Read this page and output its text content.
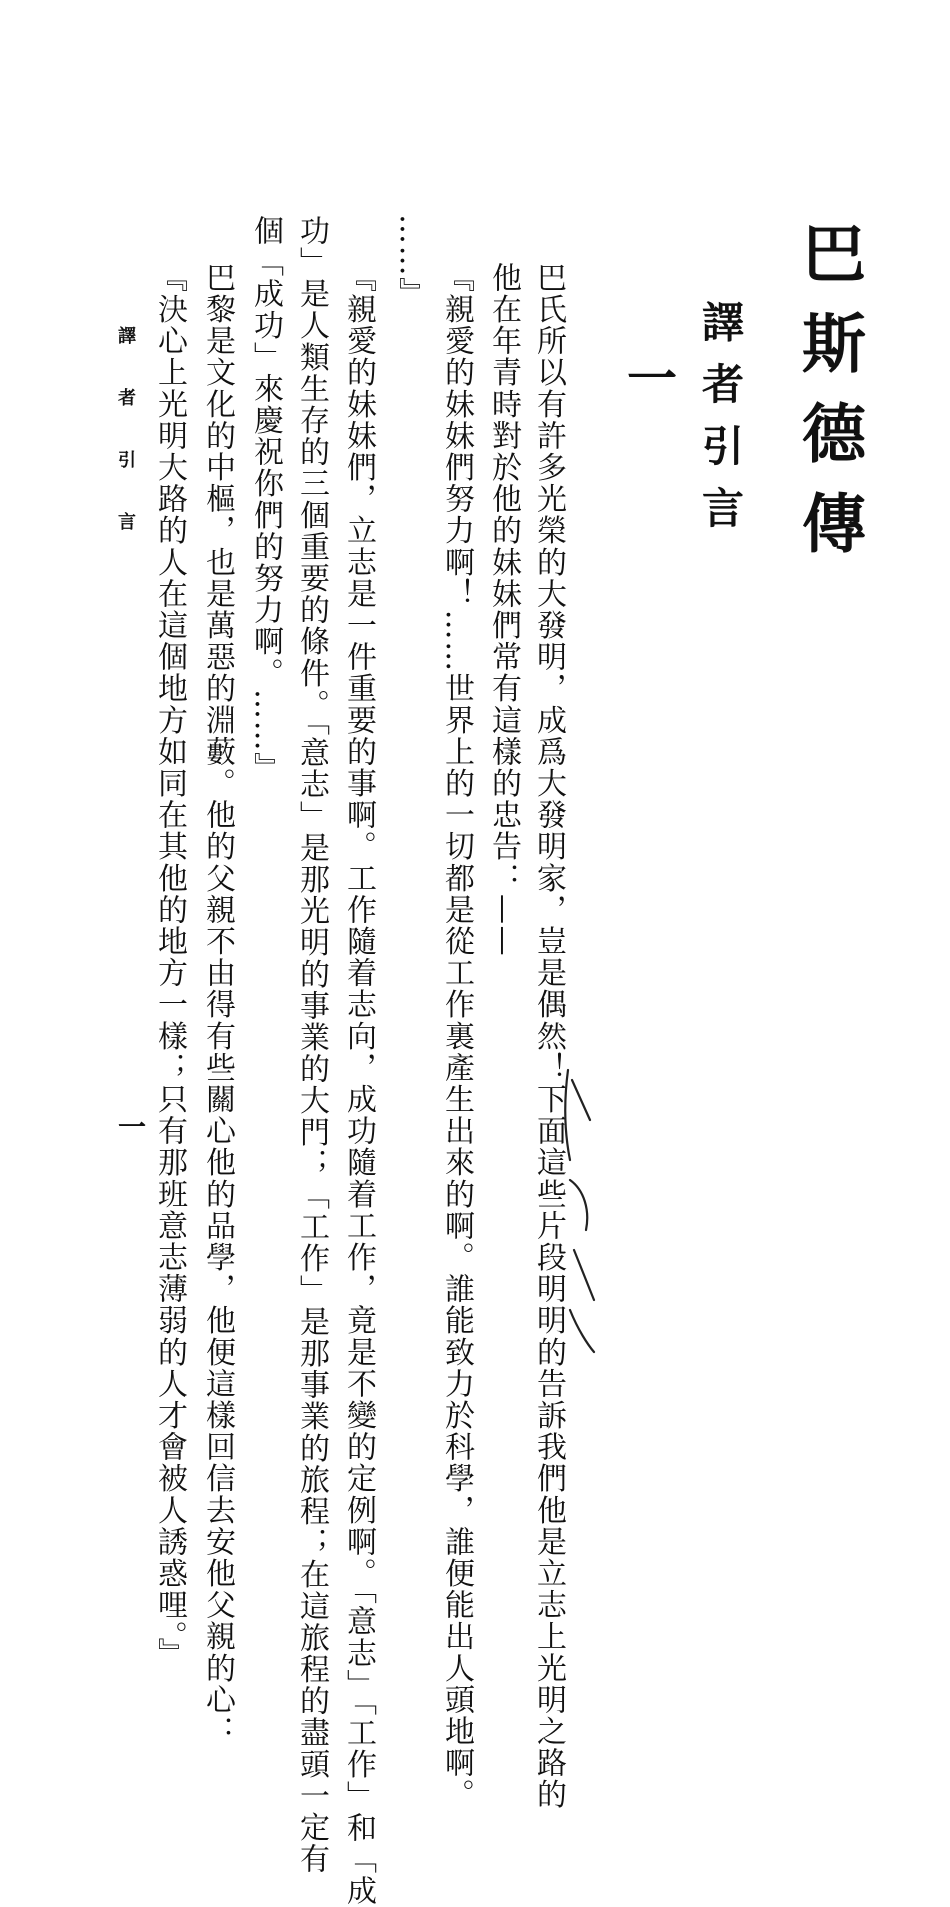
巴斯德傳
譯者引言
一
巴氏所以有許多光榮的大發明，成爲大發明家，豈是偶然！下面這些片段明明的告訴我們他是立志上光明之路的
他在年青時對於他的妹妹們常有這樣的忠告：——
『親愛的妹妹們努力啊！……世界上的一切都是從工作裏產生出來的啊。誰能致力於科學，誰便能出人頭地啊。
……』
『親愛的妹妹們，立志是一件重要的事啊。工作隨着志向，成功隨着工作，竟是不變的定例啊。「意志」「工作」和「成
功」是人類生存的三個重要的條件。「意志」是那光明的事業的大門；「工作」是那事業的旅程；在這旅程的盡頭一定有
個「成功」來慶祝你們的努力啊。……』
巴黎是文化的中樞，也是萬惡的淵藪。他的父親不由得有些關心他的品學，他便這樣回信去安他父親的心：
『決心上光明大路的人在這個地方如同在其他的地方一樣；只有那班意志薄弱的人才會被人誘惑哩。』
譯者引言
一
